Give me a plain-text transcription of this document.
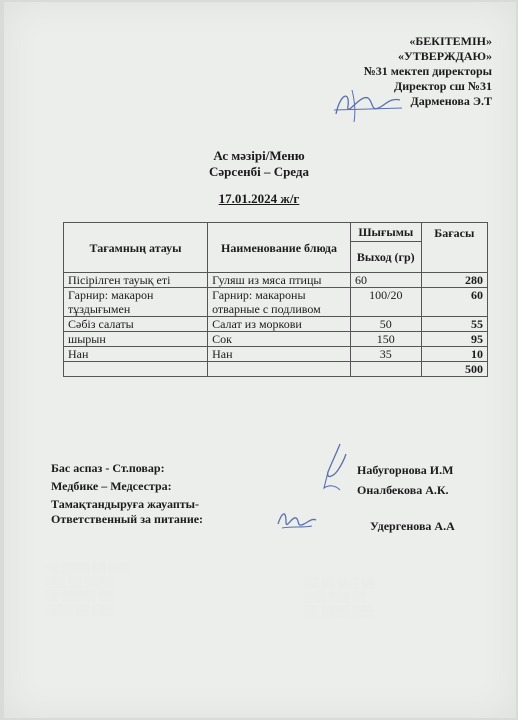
░░ ░░░░ ░░ ░░░
░░░ ░░ ░░░░
░░ ░░░░░ ░░
░░░░ ░░ ░░░
░░ ░░ ░░░ ░░
░░░ ░░░ ░░
░░ ░░░░ ░░░
«БЕКІТЕМІН»
«УТВЕРЖДАЮ»
№31 мектеп директоры
Директор сш №31
Дарменова Э.Т
Ас мәзірі/Меню
Сәрсенбі – Среда
17.01.2024 ж/г
Тағамның атауы	Наименование блюда	Шығымы	Бағасы
		Выход (гр)	
Пісірілген тауық еті	Гуляш из мяса птицы	60	280
Гарнир: макарон тұздығымен	Гарнир: макароны отварные с подливом	100/20	60
Сәбіз салаты	Салат из моркови	50	55
шырын	Сок	150	95
Нан	Нан	35	10
			500
Бас аспаз - Ст.повар:
Медбике – Медсестра:
Тамақтандыруға жауапты-
Ответственный за питание:
Набугорнова И.М
Оналбекова А.К.
Удергенова А.А
